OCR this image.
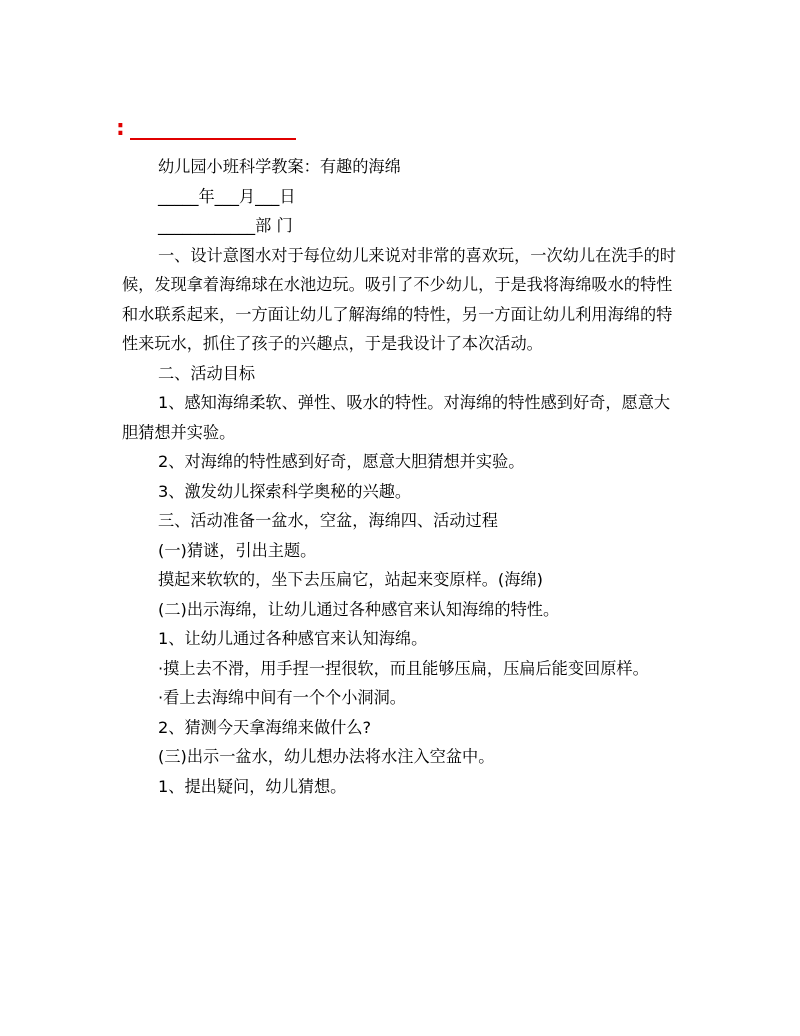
:

幼儿园小班科学教案：有趣的海绵

_____年___月___日

____________部 门

一、设计意图水对于每位幼儿来说对非常的喜欢玩，一次幼儿在洗手的时候，发现拿着海绵球在水池边玩。吸引了不少幼儿，于是我将海绵吸水的特性和水联系起来，一方面让幼儿了解海绵的特性，另一方面让幼儿利用海绵的特性来玩水，抓住了孩子的兴趣点，于是我设计了本次活动。

二、活动目标

1、感知海绵柔软、弹性、吸水的特性。对海绵的特性感到好奇，愿意大胆猜想并实验。

2、对海绵的特性感到好奇，愿意大胆猜想并实验。

3、激发幼儿探索科学奥秘的兴趣。

三、活动准备一盆水，空盆，海绵四、活动过程

(一)猜谜，引出主题。

摸起来软软的，坐下去压扁它，站起来变原样。(海绵)

(二)出示海绵，让幼儿通过各种感官来认知海绵的特性。

1、让幼儿通过各种感官来认知海绵。

·摸上去不滑，用手捏一捏很软，而且能够压扁，压扁后能变回原样。

·看上去海绵中间有一个个小洞洞。

2、猜测今天拿海绵来做什么?

(三)出示一盆水，幼儿想办法将水注入空盆中。

1、提出疑问，幼儿猜想。
